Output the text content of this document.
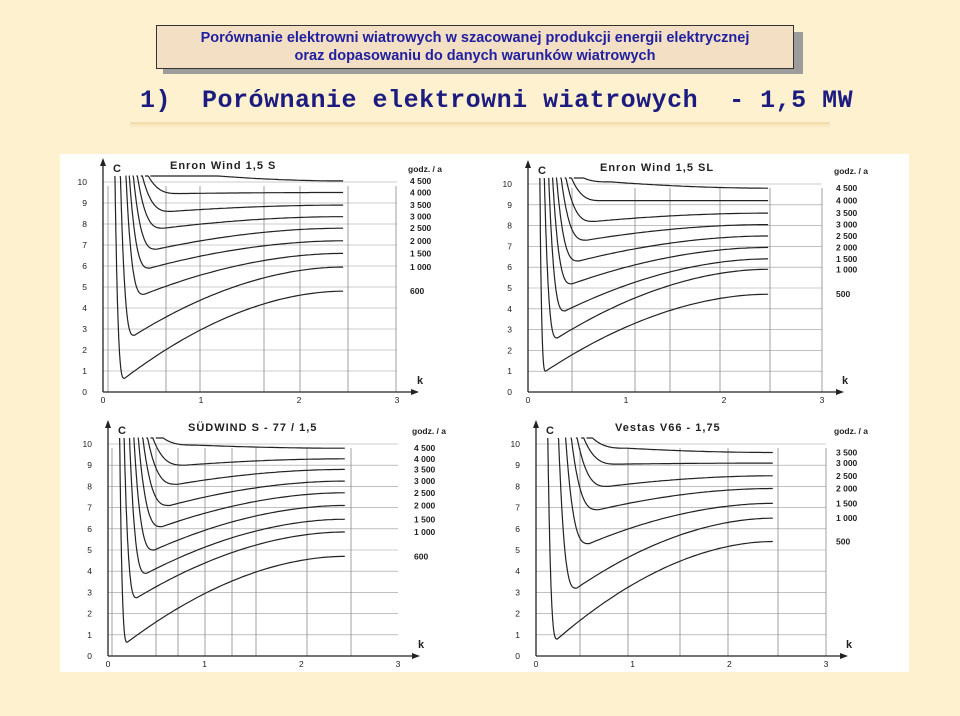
Porównanie elektrowni wiatrowych w szacowanej produkcji energii elektrycznej
oraz dopasowaniu do danych warunków wiatrowych
1) Porównanie elektrowni wiatrowych  - 1,5 MW
0
1
2
3
4
5
6
7
8
9
10
0	1	2	3
C
k
Enron Wind 1,5 S	godz. / a
4 500
4 000
3 500
3 000
2 500
2 000
1 500
1 000
600
0
1
2
3
4
5
6
7
8
9
10
0	1	2	3
C
k
Enron Wind 1,5 SL	godz. / a
4 500
4 000
3 500
3 000
2 500
2 000
1 500
1 000
500
0
1
2
3
4
5
6
7
8
9
10
0	1	2	3
C
k
SÜDWIND S - 77 / 1,5	godz. / a
4 500
4 000
3 500
3 000
2 500
2 000
1 500
1 000
600
0
1
2
3
4
5
6
7
8
9
10
0	1	2	3
C
k
Vestas V66 - 1,75	godz. / a
3 500
3 000
2 500
2 000
1 500
1 000
500
